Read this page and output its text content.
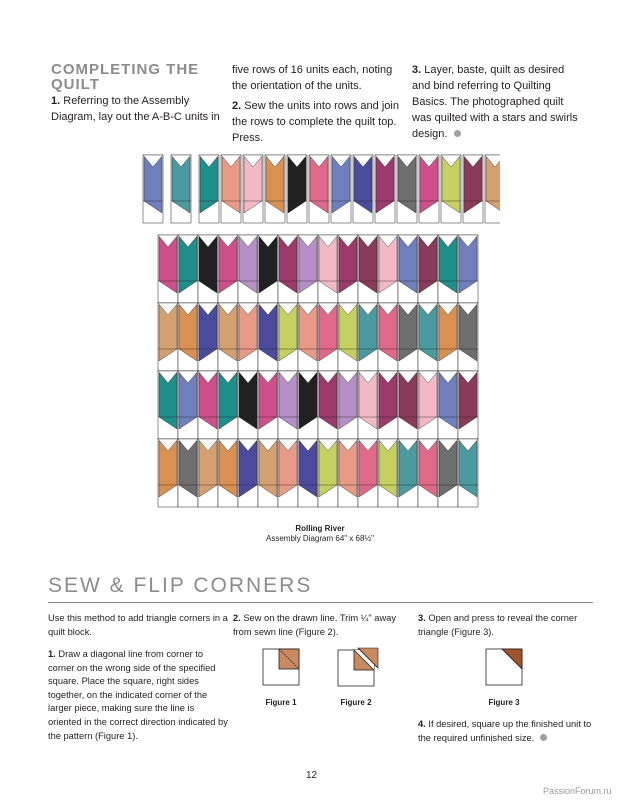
COMPLETING THE
QUILT
1. Referring to the Assembly Diagram, lay out the A-B-C units in
five rows of 16 units each, noting the orientation of the units.
2. Sew the units into rows and join the rows to complete the quilt top. Press.
3. Layer, baste, quilt as desired and bind referring to Quilting Basics. The photographed quilt was quilted with a stars and swirls design.
Rolling River
Assembly Diagram 64" x 68½"
SEW & FLIP CORNERS
Use this method to add triangle corners in a quilt block.
1. Draw a diagonal line from corner to corner on the wrong side of the specified square. Place the square, right sides together, on the indicated corner of the larger piece, making sure the line is oriented in the correct direction indicated by the pattern (Figure 1).
2. Sew on the drawn line. Trim ¼" away from sewn line (Figure 2).
3. Open and press to reveal the corner triangle (Figure 3).
4. If desired, square up the finished unit to the required unfinished size.
Figure 1	Figure 2	Figure 3
12
PassionForum.ru
